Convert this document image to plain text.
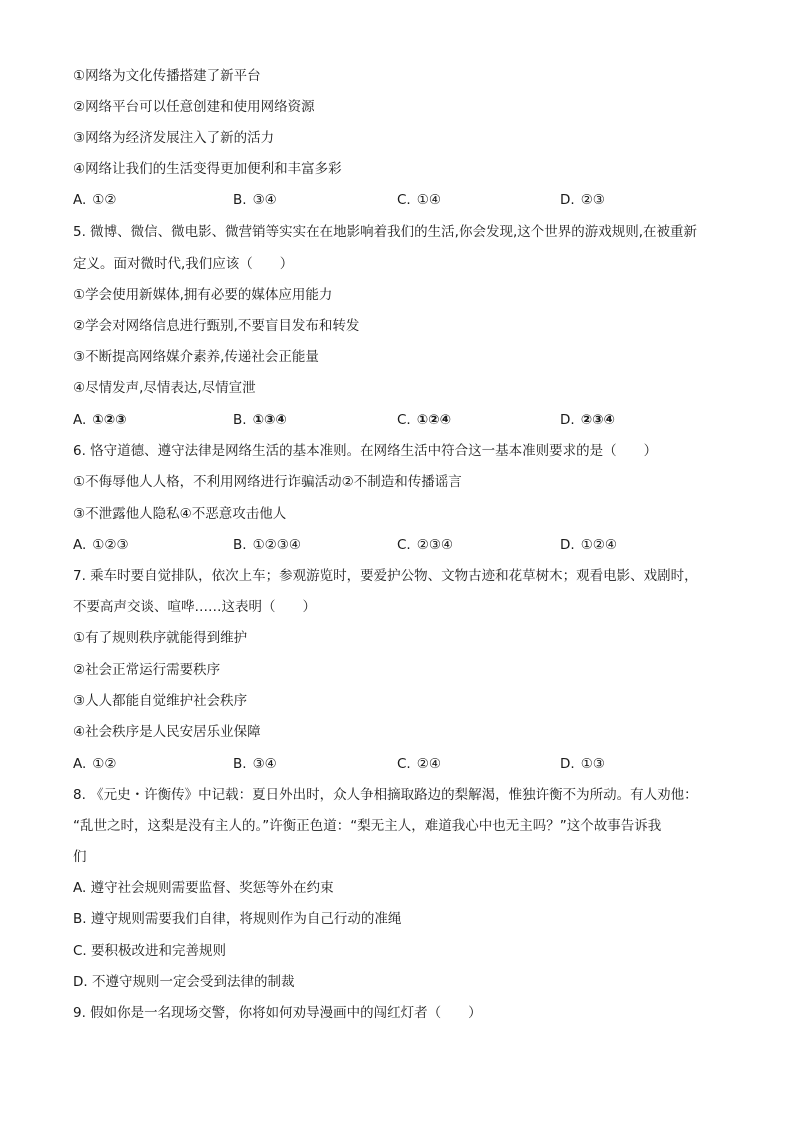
①网络为文化传播搭建了新平台
②网络平台可以任意创建和使用网络资源
③网络为经济发展注入了新的活力
④网络让我们的生活变得更加便利和丰富多彩
A. ①②	B. ③④	C. ①④	D. ②③
5. 微博、微信、微电影、微营销等实实在在地影响着我们的生活,你会发现,这个世界的游戏规则,在被重新
定义。面对微时代,我们应该（　　）
①学会使用新媒体,拥有必要的媒体应用能力
②学会对网络信息进行甄别,不要盲目发布和转发
③不断提高网络媒介素养,传递社会正能量
④尽情发声,尽情表达,尽情宣泄
A. ①②③	B. ①③④	C. ①②④	D. ②③④
6. 恪守道德、遵守法律是网络生活的基本准则。在网络生活中符合这一基本准则要求的是（　　）
①不侮辱他人人格，不利用网络进行诈骗活动②不制造和传播谣言
③不泄露他人隐私④不恶意攻击他人
A. ①②③	B. ①②③④	C. ②③④	D. ①②④
7. 乘车时要自觉排队，依次上车；参观游览时，要爱护公物、文物古迹和花草树木；观看电影、戏剧时，
不要高声交谈、喧哗……这表明（　　）
①有了规则秩序就能得到维护
②社会正常运行需要秩序
③人人都能自觉维护社会秩序
④社会秩序是人民安居乐业保障
A. ①②	B. ③④	C. ②④	D. ①③
8. 《元史・许衡传》中记载：夏日外出时，众人争相摘取路边的梨解渴，惟独许衡不为所动。有人劝他：
“乱世之时，这梨是没有主人的。”许衡正色道：“梨无主人，难道我心中也无主吗？”这个故事告诉我
们
A. 遵守社会规则需要监督、奖惩等外在约束
B. 遵守规则需要我们自律，将规则作为自己行动的准绳
C. 要积极改进和完善规则
D. 不遵守规则一定会受到法律的制裁
9. 假如你是一名现场交警，你将如何劝导漫画中的闯红灯者（　　）
